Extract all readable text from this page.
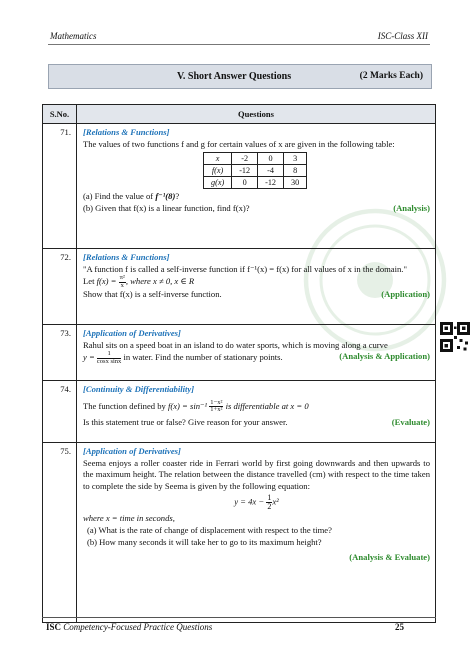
Mathematics	ISC-Class XII
V. Short Answer Questions	(2 Marks Each)
S.No.	Questions
71.	[Relations & Functions]
The values of two functions f and g for certain values of x are given in the following table:
x	-2	0	3
f(x)	-12	-4	8
g(x)	0	-12	30
(a) Find the value of f⁻¹(8)?
(b) Given that f(x) is a linear function, find f(x)?	(Analysis)

72.	[Relations & Functions]
"A function f is called a self-inverse function if f⁻¹(x) = f(x) for all values of x in the domain."
Let $f(x) = \frac{\text{π²}}{x}$, where x ≠ 0, x ∈ R
Show that f(x) is a self-inverse function.	(Application)

73.	[Application of Derivatives]
Rahul sits on a speed boat in an island to do water sports, which is moving along a curve
$y = \frac{1}{\text{cosx sinx}}$ in water. Find the number of stationary points.	(Analysis & Application)

74.	[Continuity & Differentiability]
The function defined by $f(x) = \sin^{-1} \frac{\text{1−x²}}{\text{1+x²}}$ is differentiable at x = 0
Is this statement true or false? Give reason for your answer.	(Evaluate)

75.	[Application of Derivatives]
Seema enjoys a roller coaster ride in Ferrari world by first going downwards and then upwards to the maximum height. The relation between the distance travelled (cm) with respect to the time taken to complete the side by Seema is given by the following equation:
$y = 4x - \frac{1}{2}x^2$
where x = time in seconds,
(a) What is the rate of change of displacement with respect to the time?
(b) How many seconds it will take her to go to its maximum height?
(Analysis & Evaluate)
ISC Competency-Focused Practice Questions	25
